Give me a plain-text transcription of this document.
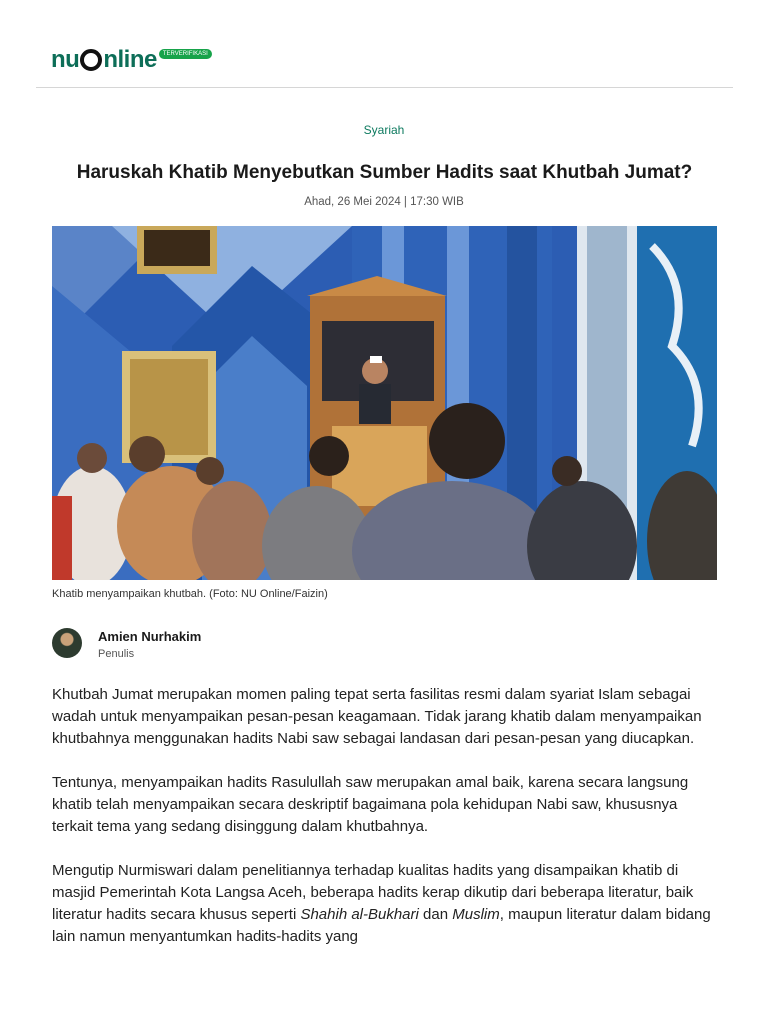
nu nline	TERVERIFIKASI
Syariah
Haruskah Khatib Menyebutkan Sumber Hadits saat Khutbah Jumat?
Ahad, 26 Mei 2024 | 17:30 WIB
Khatib menyampaikan khutbah. (Foto: NU Online/Faizin)
Amien Nurhakim
Penulis

Khutbah Jumat merupakan momen paling tepat serta fasilitas resmi dalam syariat Islam sebagai wadah untuk menyampaikan pesan-pesan keagamaan. Tidak jarang khatib dalam menyampaikan khutbahnya menggunakan hadits Nabi saw sebagai landasan dari pesan-pesan yang diucapkan.

Tentunya, menyampaikan hadits Rasulullah saw merupakan amal baik, karena secara langsung khatib telah menyampaikan secara deskriptif bagaimana pola kehidupan Nabi saw, khususnya terkait tema yang sedang disinggung dalam khutbahnya.

Mengutip Nurmiswari dalam penelitiannya terhadap kualitas hadits yang disampaikan khatib di masjid Pemerintah Kota Langsa Aceh, beberapa hadits kerap dikutip dari beberapa literatur, baik literatur hadits secara khusus seperti Shahih al-Bukhari dan Muslim, maupun literatur dalam bidang lain namun menyantumkan hadits-hadits yang
